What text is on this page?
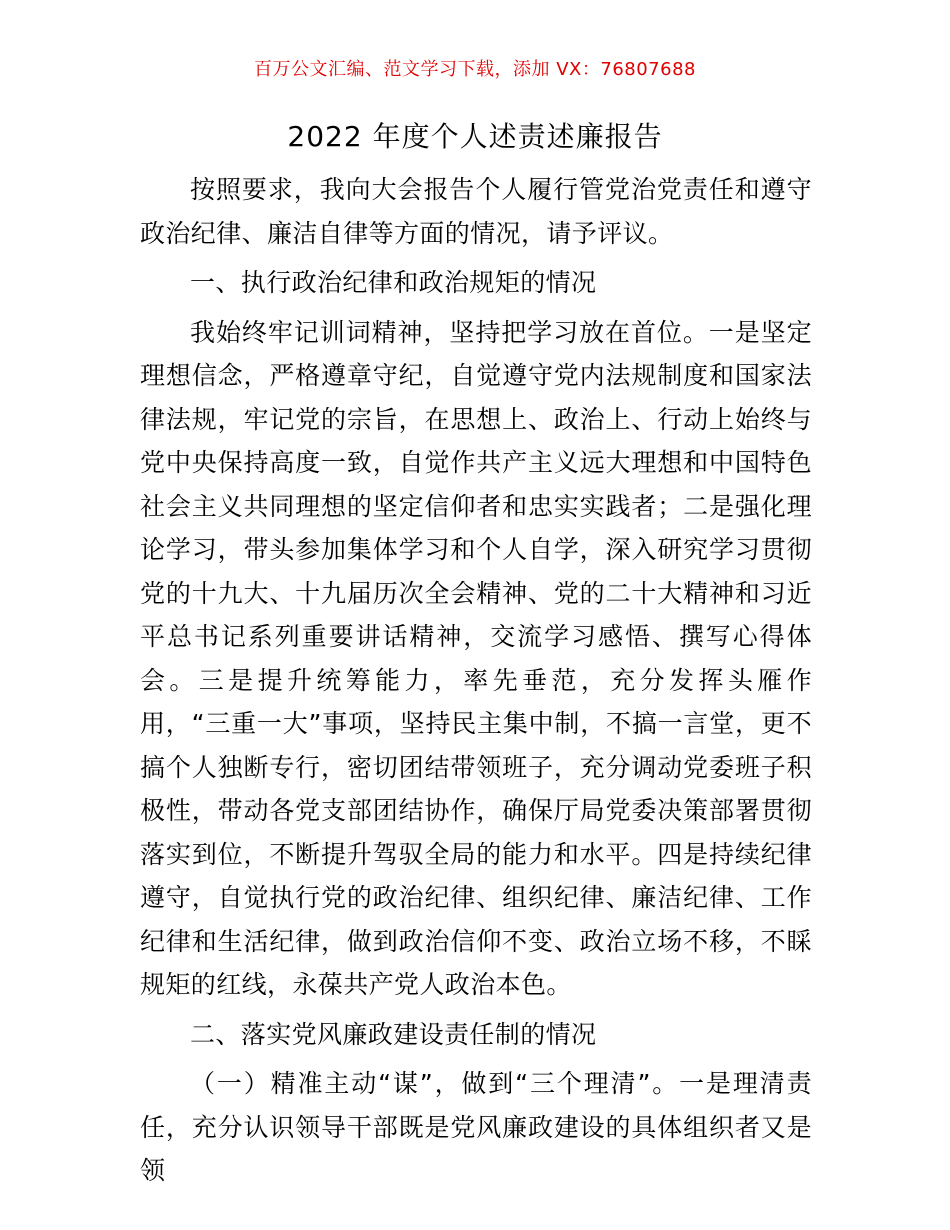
百万公文汇编、范文学习下载，添加 VX：76807688
2022 年度个人述责述廉报告

按照要求，我向大会报告个人履行管党治党责任和遵守政治纪律、廉洁自律等方面的情况，请予评议。

一、执行政治纪律和政治规矩的情况

我始终牢记训词精神，坚持把学习放在首位。一是坚定理想信念，严格遵章守纪，自觉遵守党内法规制度和国家法律法规，牢记党的宗旨，在思想上、政治上、行动上始终与党中央保持高度一致，自觉作共产主义远大理想和中国特色社会主义共同理想的坚定信仰者和忠实实践者；二是强化理论学习，带头参加集体学习和个人自学，深入研究学习贯彻党的十九大、十九届历次全会精神、党的二十大精神和习近平总书记系列重要讲话精神，交流学习感悟、撰写心得体会。三是提升统筹能力，率先垂范，充分发挥头雁作用，“三重一大”事项，坚持民主集中制，不搞一言堂，更不搞个人独断专行，密切团结带领班子，充分调动党委班子积极性，带动各党支部团结协作，确保厅局党委决策部署贯彻落实到位，不断提升驾驭全局的能力和水平。四是持续纪律遵守，自觉执行党的政治纪律、组织纪律、廉洁纪律、工作纪律和生活纪律，做到政治信仰不变、政治立场不移，不睬规矩的红线，永葆共产党人政治本色。

二、落实党风廉政建设责任制的情况

（一）精准主动“谋”，做到“三个理清”。一是理清责任，充分认识领导干部既是党风廉政建设的具体组织者又是领
